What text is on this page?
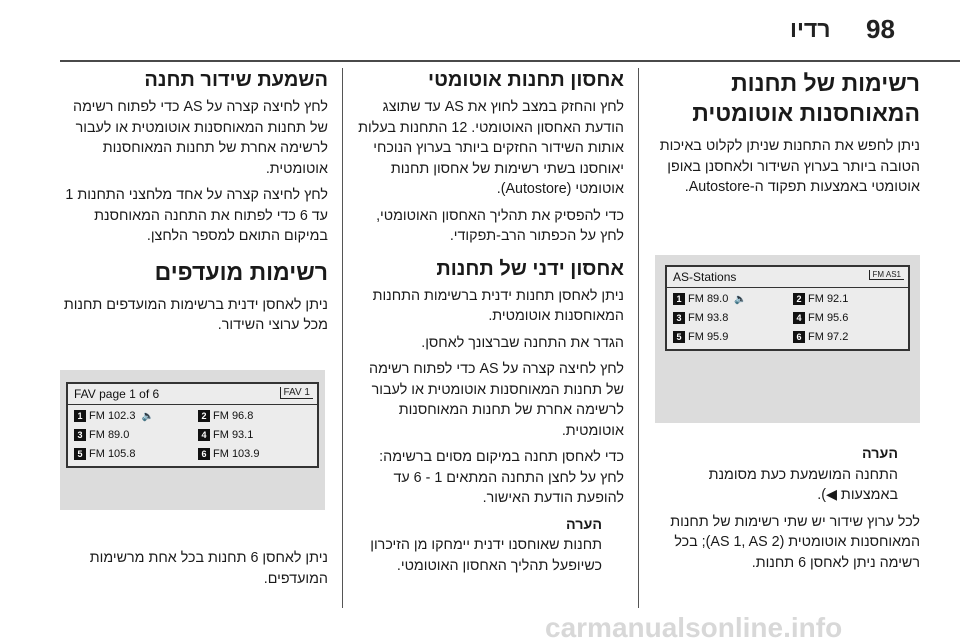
98
רדיו
רשימות של תחנות המאוחסנות אוטומטית

ניתן לחפש את התחנות שניתן לקלוט באיכות הטובה ביותר בערוץ השידור ולאחסנן באופן אוטומטי באמצעות תפקוד ה-Autostore.

AS-Stations	FM AS1
1 FM 89.0 🔈	2 FM 92.1
3 FM 93.8	4 FM 95.6
5 FM 95.9	6 FM 97.2

הערה

התחנה המושמעת כעת מסומנת באמצעות ◀).

לכל ערוץ שידור יש שתי רשימות של תחנות המאוחסנות אוטומטית (AS 1, AS 2); בכל רשימה ניתן לאחסן 6 תחנות.

אחסון תחנות אוטומטי

לחץ והחזק במצב לחוץ את AS עד שתוצג הודעת האחסון האוטומטי. 12 התחנות בעלות אותות השידור החזקים ביותר בערוץ הנוכחי יאוחסנו בשתי רשימות של אחסון תחנות אוטומטי (Autostore).

כדי להפסיק את תהליך האחסון האוטומטי, לחץ על הכפתור הרב-תפקודי.

אחסון ידני של תחנות

ניתן לאחסן תחנות ידנית ברשימות התחנות המאוחסנות אוטומטית.

הגדר את התחנה שברצונך לאחסן.

לחץ לחיצה קצרה על AS כדי לפתוח רשימה של תחנות המאוחסנות אוטומטית או לעבור לרשימה אחרת של תחנות המאוחסנות אוטומטית.

כדי לאחסן תחנה במיקום מסוים ברשימה: לחץ על לחצן התחנה המתאים 1 - 6 עד להופעת הודעת האישור.

הערה

תחנות שאוחסנו ידנית יימחקו מן הזיכרון כשיופעל תהליך האחסון האוטומטי.

השמעת שידור תחנה

לחץ לחיצה קצרה על AS כדי לפתוח רשימה של תחנות המאוחסנות אוטומטית או לעבור לרשימה אחרת של תחנות המאוחסנות אוטומטית.

לחץ לחיצה קצרה על אחד מלחצני התחנות 1 עד 6 כדי לפתוח את התחנה המאוחסנת במיקום התואם למספר הלחצן.

רשימות מועדפים

ניתן לאחסן ידנית ברשימות המועדפים תחנות מכל ערוצי השידור.

FAV page 1 of 6	FAV 1
1 FM 102.3 🔈	2 FM 96.8
3 FM 89.0	4 FM 93.1
5 FM 105.8	6 FM 103.9

ניתן לאחסן 6 תחנות בכל אחת מרשימות המועדפים.

carmanualsonline.info
